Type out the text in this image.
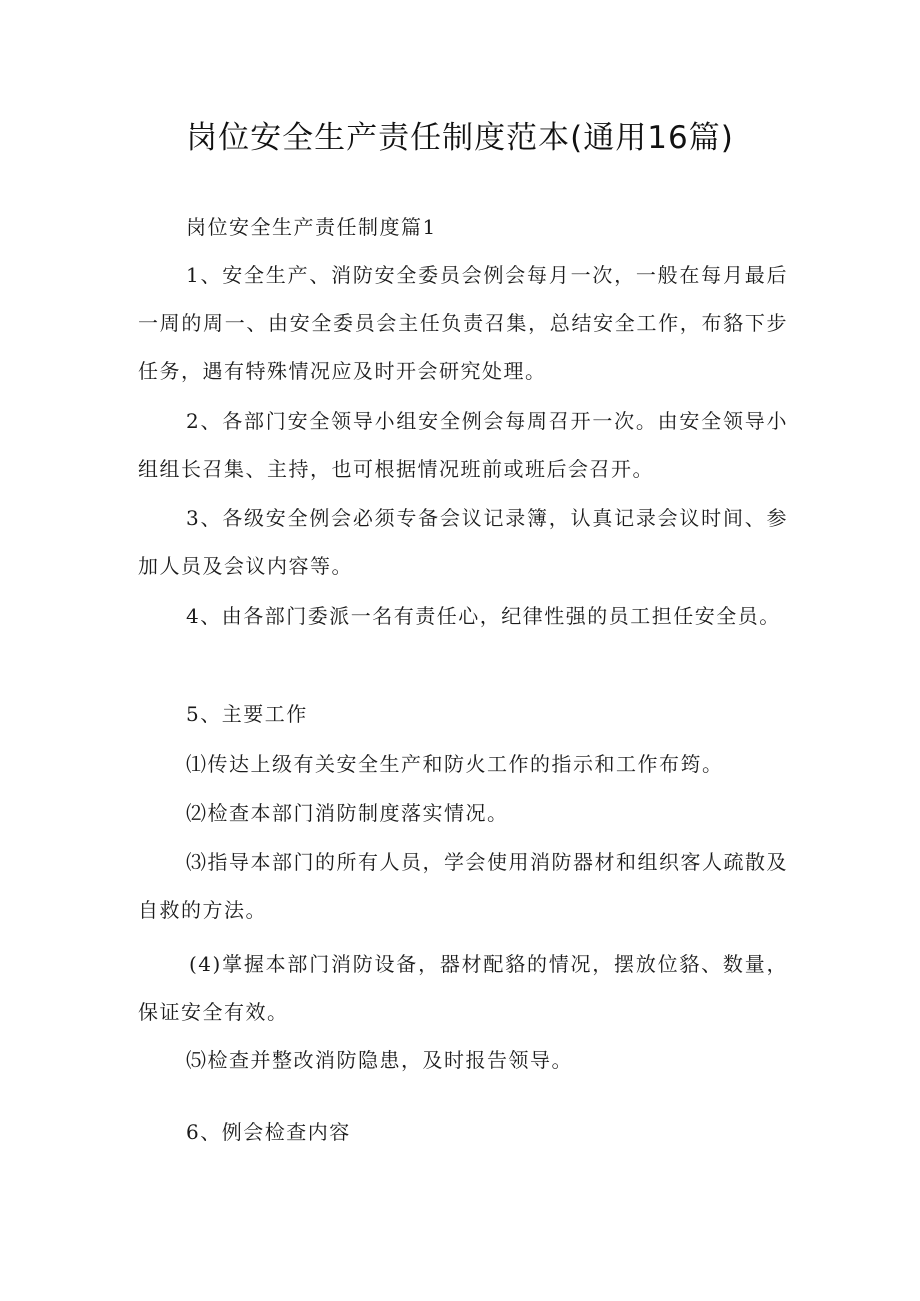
岗位安全生产责任制度范本(通用16篇)

岗位安全生产责任制度篇1

1、安全生产、消防安全委员会例会每月一次，一般在每月最后一周的周一、由安全委员会主任负责召集，总结安全工作，布貉下步任务，遇有特殊情况应及时开会研究处理。

2、各部门安全领导小组安全例会每周召开一次。由安全领导小组组长召集、主持，也可根据情况班前或班后会召开。

3、各级安全例会必须专备会议记录簿，认真记录会议时间、参加人员及会议内容等。

4、由各部门委派一名有责任心，纪律性强的员工担任安全员。

5、主要工作

⑴传达上级有关安全生产和防火工作的指示和工作布筠。

⑵检查本部门消防制度落实情况。

⑶指导本部门的所有人员，学会使用消防器材和组织客人疏散及自救的方法。

(4)掌握本部门消防设备，器材配貉的情况，摆放位貉、数量，保证安全有效。

⑸检查并整改消防隐患，及时报告领导。

6、例会检查内容
